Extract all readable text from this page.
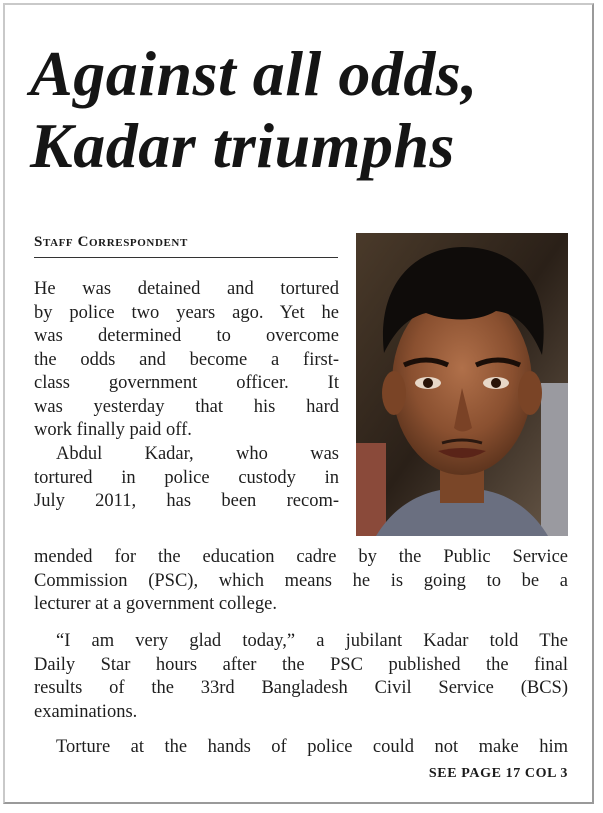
Against all odds,
Kadar triumphs
Staff Correspondent
He was detained and tortured
by police two years ago. Yet he
was determined to overcome
the odds and become a first-
class government officer. It
was yesterday that his hard
work finally paid off.
Abdul Kadar, who was
tortured in police custody in
July 2011, has been recom-
mended for the education cadre by the Public Service
Commission (PSC), which means he is going to be a
lecturer at a government college.
“I am very glad today,” a jubilant Kadar told The
Daily Star hours after the PSC published the final
results of the 33rd Bangladesh Civil Service (BCS)
examinations.
Torture at the hands of police could not make him
SEE PAGE 17 COL 3
